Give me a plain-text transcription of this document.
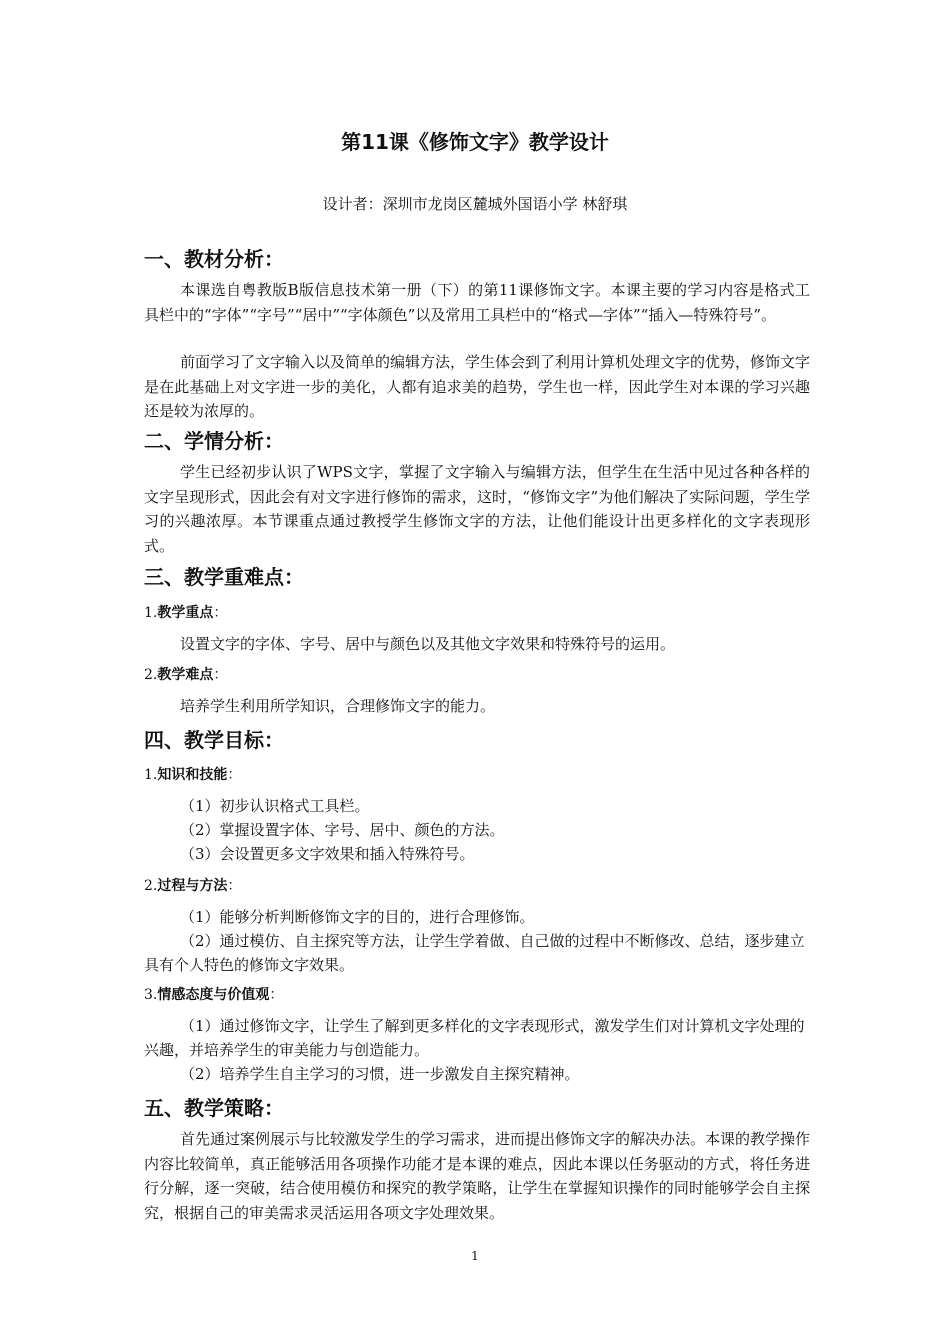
第11课《修饰文字》教学设计
设计者：深圳市龙岗区麓城外国语小学 林舒琪
一、教材分析：
本课选自粤教版B版信息技术第一册（下）的第11课修饰文字。本课主要的学习内容是格式工具栏中的“字体”“字号”“居中”“字体颜色”以及常用工具栏中的“格式—字体”“插入—特殊符号”。
前面学习了文字输入以及简单的编辑方法，学生体会到了利用计算机处理文字的优势，修饰文字是在此基础上对文字进一步的美化，人都有追求美的趋势，学生也一样，因此学生对本课的学习兴趣还是较为浓厚的。
二、学情分析：
学生已经初步认识了WPS文字，掌握了文字输入与编辑方法，但学生在生活中见过各种各样的文字呈现形式，因此会有对文字进行修饰的需求，这时，“修饰文字”为他们解决了实际问题，学生学习的兴趣浓厚。本节课重点通过教授学生修饰文字的方法，让他们能设计出更多样化的文字表现形式。
三、教学重难点：
1.教学重点：
设置文字的字体、字号、居中与颜色以及其他文字效果和特殊符号的运用。
2.教学难点：
培养学生利用所学知识，合理修饰文字的能力。
四、教学目标：
1.知识和技能：
（1）初步认识格式工具栏。
（2）掌握设置字体、字号、居中、颜色的方法。
（3）会设置更多文字效果和插入特殊符号。
2.过程与方法：
（1）能够分析判断修饰文字的目的，进行合理修饰。
（2）通过模仿、自主探究等方法，让学生学着做、自己做的过程中不断修改、总结，逐步建立具有个人特色的修饰文字效果。
3.情感态度与价值观：
（1）通过修饰文字，让学生了解到更多样化的文字表现形式，激发学生们对计算机文字处理的兴趣，并培养学生的审美能力与创造能力。
（2）培养学生自主学习的习惯，进一步激发自主探究精神。
五、教学策略：
首先通过案例展示与比较激发学生的学习需求，进而提出修饰文字的解决办法。本课的教学操作内容比较简单，真正能够活用各项操作功能才是本课的难点，因此本课以任务驱动的方式，将任务进行分解，逐一突破，结合使用模仿和探究的教学策略，让学生在掌握知识操作的同时能够学会自主探究，根据自己的审美需求灵活运用各项文字处理效果。
1
